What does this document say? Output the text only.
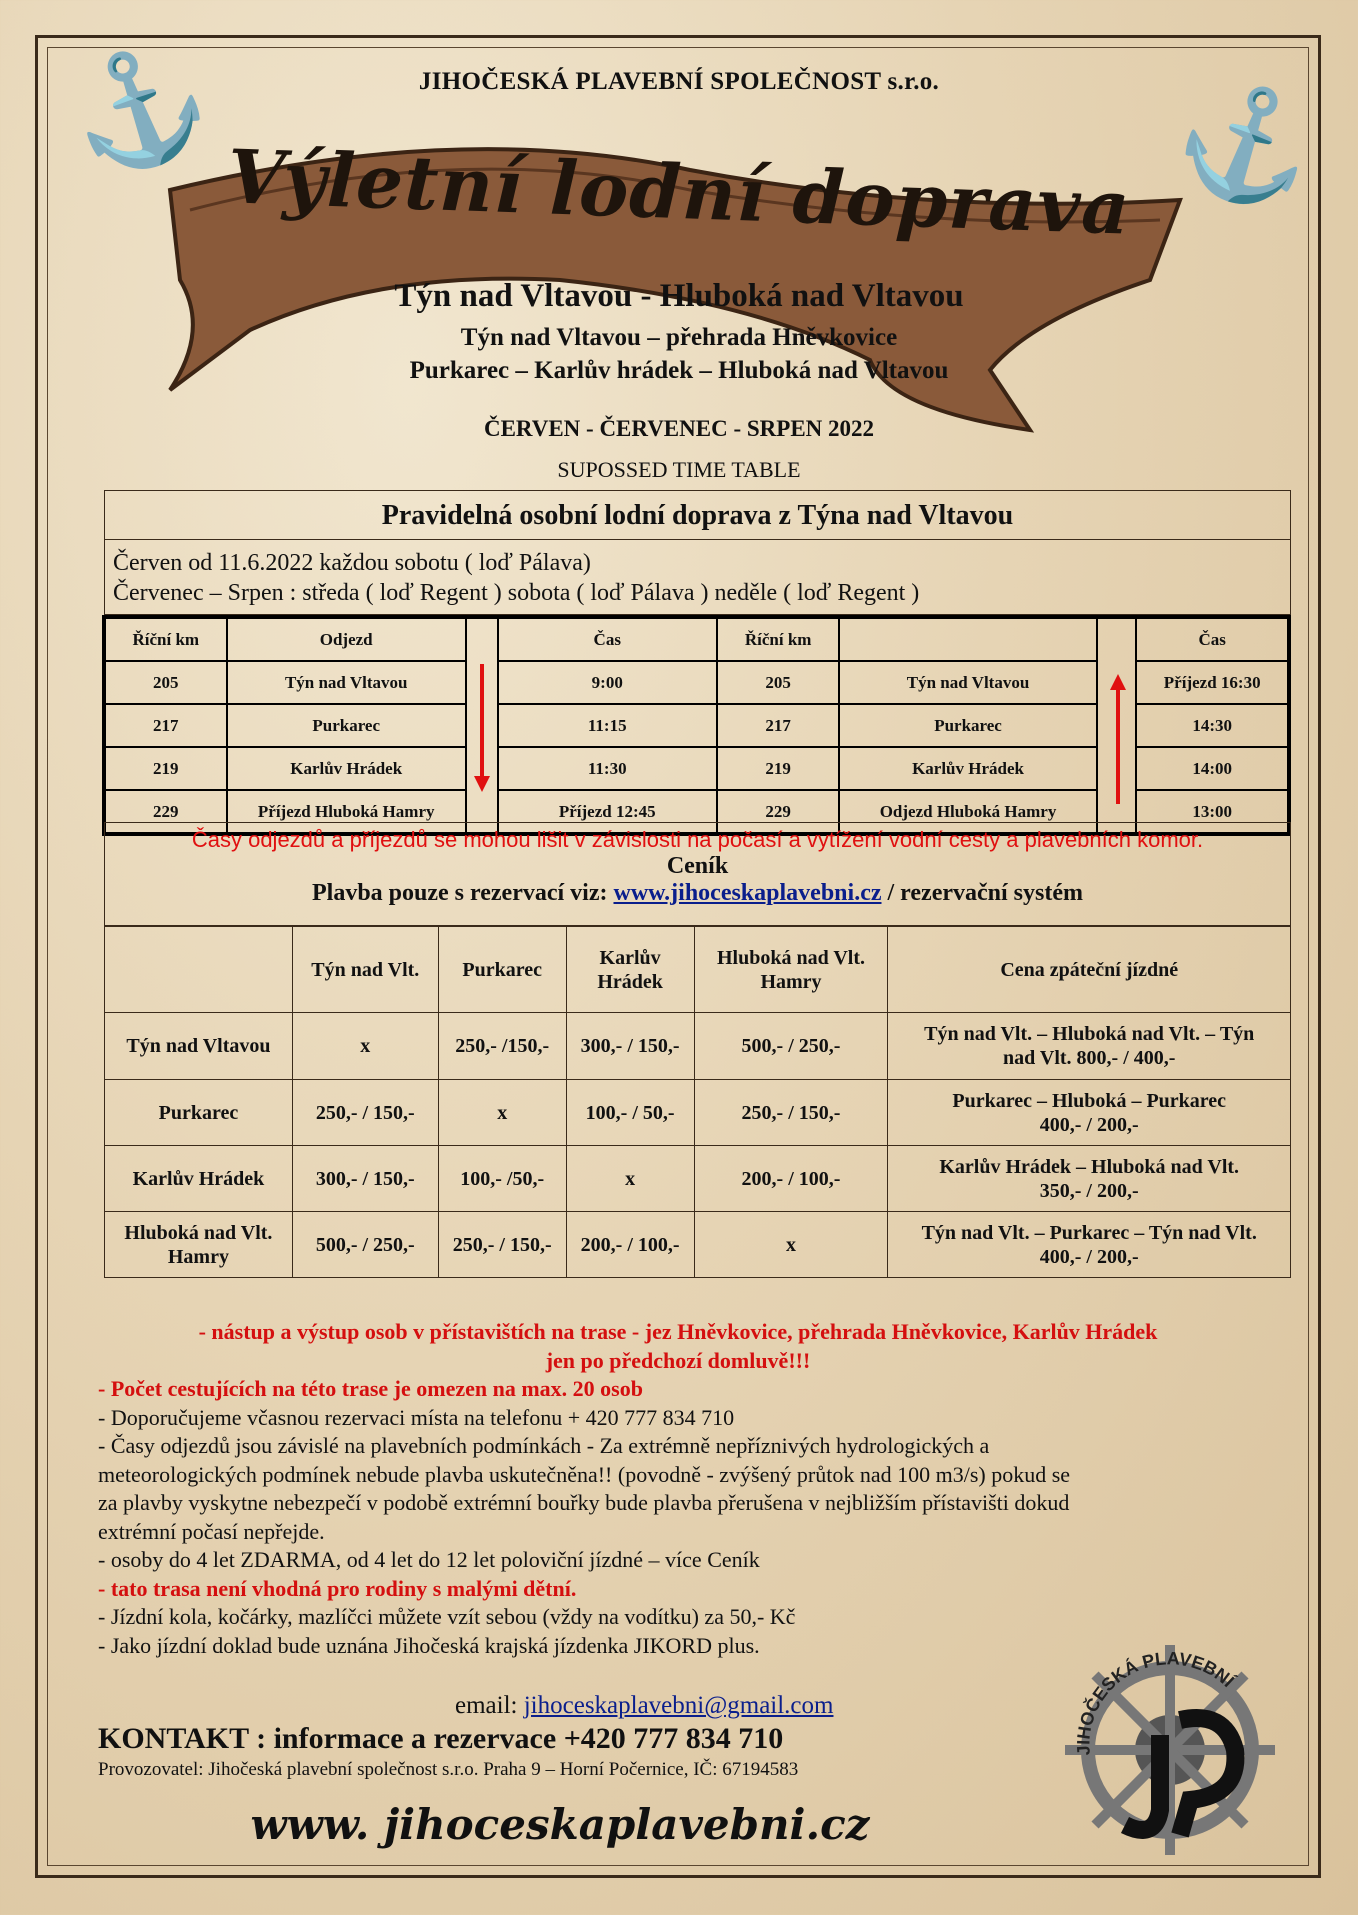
⚓	⚓
JIHOČESKÁ PLAVEBNÍ SPOLEČNOST s.r.o.
Výletní lodní doprava
Týn nad Vltavou - Hluboká nad Vltavou
Týn nad Vltavou – přehrada Hněvkovice
Purkarec – Karlův hrádek – Hluboká nad Vltavou
ČERVEN - ČERVENEC - SRPEN 2022
SUPOSSED TIME TABLE
Pravidelná osobní lodní doprava z Týna nad Vltavou
Červen od 11.6.2022 každou sobotu ( loď Pálava)
Červenec – Srpen : středa ( loď Regent ) sobota ( loď Pálava ) neděle ( loď Regent )
Říční km	Odjezd		Čas	Říční km			Čas
205	Týn nad Vltavou		9:00	205	Týn nad Vltavou		Příjezd 16:30
217	Purkarec		11:15	217	Purkarec		14:30
219	Karlův Hrádek		11:30	219	Karlův Hrádek		14:00
229	Příjezd Hluboká Hamry		Příjezd 12:45	229	Odjezd Hluboká Hamry		13:00
Časy odjezdů a příjezdů se mohou lišit v závislosti na počasí a vytížení vodní cesty a plavebních komor.
Ceník
Plavba pouze s rezervací viz: www.jihoceskaplavebni.cz / rezervační systém
	Týn nad Vlt.	Purkarec	Karlův Hrádek	Hluboká nad Vlt. Hamry	Cena zpáteční jízdné
Týn nad Vltavou	x	250,- /150,-	300,- / 150,-	500,- / 250,-	Týn nad Vlt. – Hluboká nad Vlt. – Týn
nad Vlt. 800,- / 400,-

Purkarec	250,- / 150,-	x	100,- / 50,-	250,- / 150,-	Purkarec – Hluboká – Purkarec
400,- / 200,-

Karlův Hrádek	300,- / 150,-	100,- /50,-	x	200,- / 100,-	Karlův Hrádek – Hluboká nad Vlt.
350,- / 200,-

Hluboká nad Vlt. Hamry	500,- / 250,-	250,- / 150,-	200,- / 100,-	x	Týn nad Vlt. – Purkarec – Týn nad Vlt.
400,- / 200,-
- nástup a výstup osob v přístavištích na trase - jez Hněvkovice, přehrada Hněvkovice, Karlův Hrádek
jen po předchozí domluvě!!!
- Počet cestujících na této trase je omezen na max. 20 osob
- Doporučujeme včasnou rezervaci místa na telefonu + 420 777 834 710
- Časy odjezdů jsou závislé na plavebních podmínkách - Za extrémně nepříznivých hydrologických a
meteorologických podmínek nebude plavba uskutečněna!! (povodně - zvýšený průtok nad 100 m3/s) pokud se
za plavby vyskytne nebezpečí v podobě extrémní bouřky bude plavba přerušena v nejbližším přístavišti dokud
extrémní počasí nepřejde.
- osoby do 4 let ZDARMA, od 4 let do 12 let poloviční jízdné – více Ceník
- tato trasa není vhodná pro rodiny s malými dětní.
- Jízdní kola, kočárky, mazlíčci můžete vzít sebou (vždy na vodítku) za 50,- Kč
- Jako jízdní doklad bude uznána Jihočeská krajská jízdenka JIKORD plus.
email: jihoceskaplavebni@gmail.com
KONTAKT : informace a rezervace +420 777 834 710
Provozovatel: Jihočeská plavební společnost s.r.o. Praha 9 – Horní Počernice, IČ: 67194583
www. jihoceskaplavebni.cz
JIHOČESKÁ PLAVEBNÍ
